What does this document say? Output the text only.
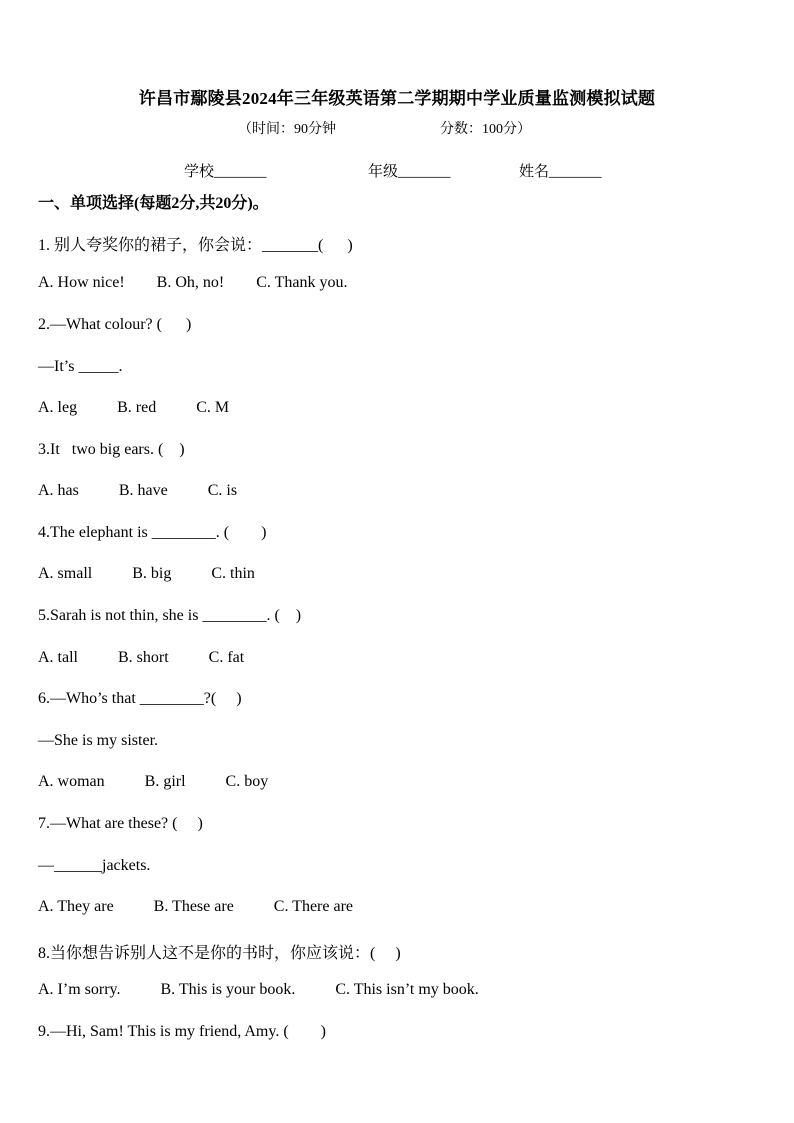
许昌市鄢陵县2024年三年级英语第二学期期中学业质量监测模拟试题
（时间：90分钟	分数：100分）
学校_______	年级_______	姓名_______
一、单项选择(每题2分,共20分)。
1. 别人夸奖你的裙子，你会说：_______(      )
A. How nice!        B. Oh, no!        C. Thank you.
2.—What colour? (      )
—It’s _____.
A. leg          B. red          C. M
3.It   two big ears. (    )
A. has          B. have          C. is
4.The elephant is ________. (        )
A. small          B. big          C. thin
5.Sarah is not thin, she is ________. (    )
A. tall          B. short          C. fat
6.—Who’s that ________?(     )
—She is my sister.
A. woman          B. girl          C. boy
7.—What are these? (     )
—______jackets.
A. They are          B. These are          C. There are
8.当你想告诉别人这不是你的书时，你应该说：(     )
A. I’m sorry.          B. This is your book.          C. This isn’t my book.
9.—Hi, Sam! This is my friend, Amy. (        )
